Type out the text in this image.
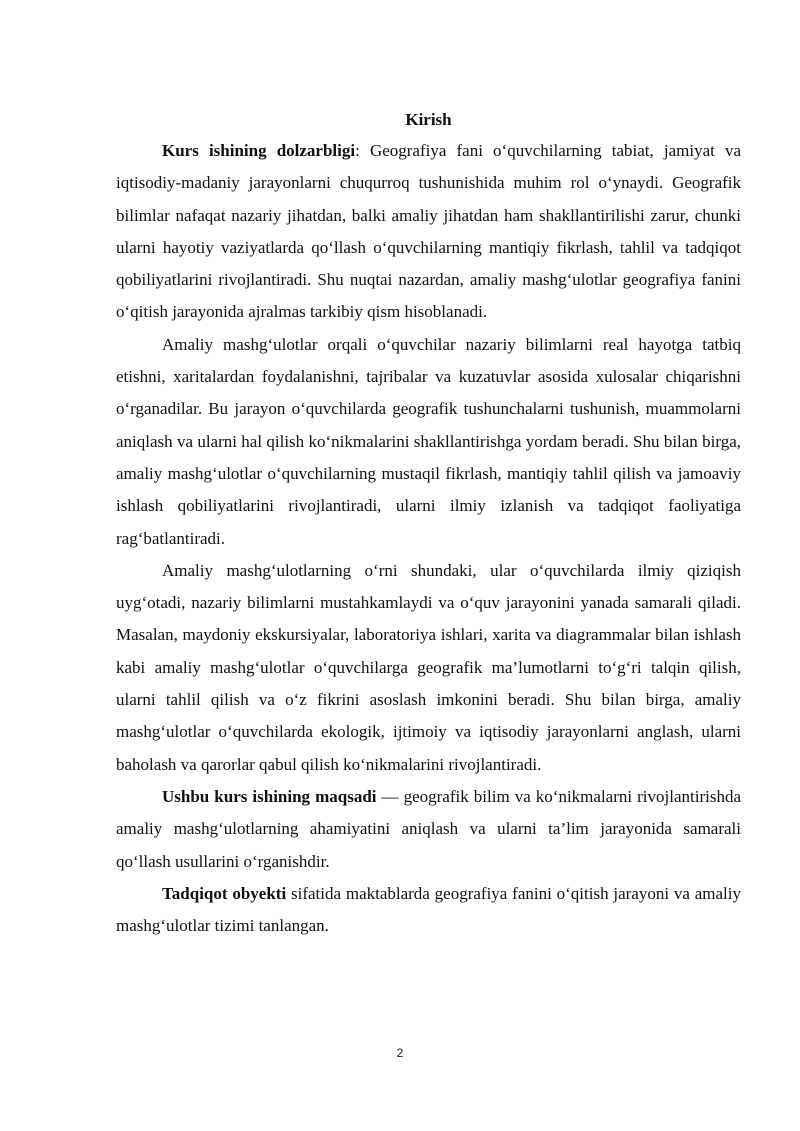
Kirish

Kurs ishining dolzarbligi: Geografiya fani o‘quvchilarning tabiat, jamiyat va iqtisodiy-madaniy jarayonlarni chuqurroq tushunishida muhim rol o‘ynaydi. Geografik bilimlar nafaqat nazariy jihatdan, balki amaliy jihatdan ham shakllantirilishi zarur, chunki ularni hayotiy vaziyatlarda qo‘llash o‘quvchilarning mantiqiy fikrlash, tahlil va tadqiqot qobiliyatlarini rivojlantiradi. Shu nuqtai nazardan, amaliy mashg‘ulotlar geografiya fanini o‘qitish jarayonida ajralmas tarkibiy qism hisoblanadi.

Amaliy mashg‘ulotlar orqali o‘quvchilar nazariy bilimlarni real hayotga tatbiq etishni, xaritalardan foydalanishni, tajribalar va kuzatuvlar asosida xulosalar chiqarishni o‘rganadilar. Bu jarayon o‘quvchilarda geografik tushunchalarni tushunish, muammolarni aniqlash va ularni hal qilish ko‘nikmalarini shakllantirishga yordam beradi. Shu bilan birga, amaliy mashg‘ulotlar o‘quvchilarning mustaqil fikrlash, mantiqiy tahlil qilish va jamoaviy ishlash qobiliyatlarini rivojlantiradi, ularni ilmiy izlanish va tadqiqot faoliyatiga rag‘batlantiradi.

Amaliy mashg‘ulotlarning o‘rni shundaki, ular o‘quvchilarda ilmiy qiziqish uyg‘otadi, nazariy bilimlarni mustahkamlaydi va o‘quv jarayonini yanada samarali qiladi. Masalan, maydoniy ekskursiyalar, laboratoriya ishlari, xarita va diagrammalar bilan ishlash kabi amaliy mashg‘ulotlar o‘quvchilarga geografik ma’lumotlarni to‘g‘ri talqin qilish, ularni tahlil qilish va o‘z fikrini asoslash imkonini beradi. Shu bilan birga, amaliy mashg‘ulotlar o‘quvchilarda ekologik, ijtimoiy va iqtisodiy jarayonlarni anglash, ularni baholash va qarorlar qabul qilish ko‘nikmalarini rivojlantiradi.

Ushbu kurs ishining maqsadi — geografik bilim va ko‘nikmalarni rivojlantirishda amaliy mashg‘ulotlarning ahamiyatini aniqlash va ularni ta’lim jarayonida samarali qo‘llash usullarini o‘rganishdir.

Tadqiqot obyekti sifatida maktablarda geografiya fanini o‘qitish jarayoni va amaliy mashg‘ulotlar tizimi tanlangan.

2
